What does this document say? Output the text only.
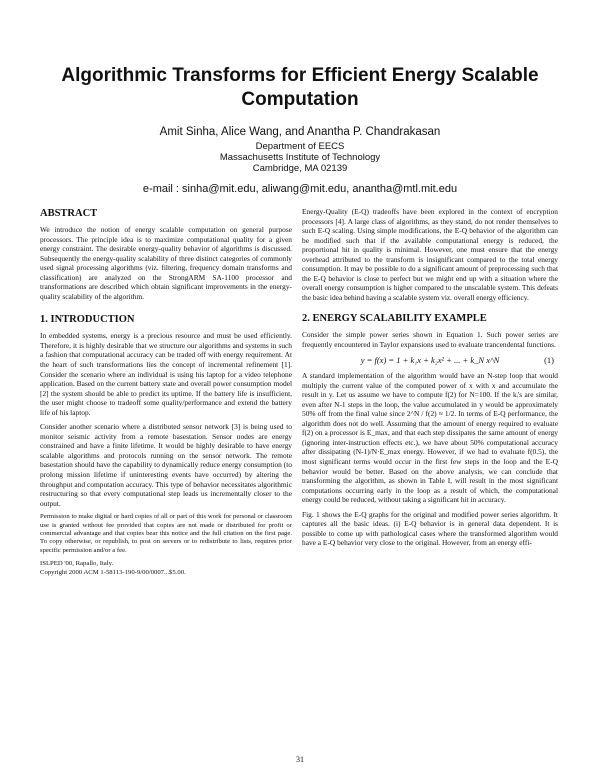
Algorithmic Transforms for Efficient Energy Scalable Computation
Amit Sinha, Alice Wang, and Anantha P. Chandrakasan
Department of EECS
Massachusetts Institute of Technology
Cambridge, MA 02139
e-mail : sinha@mit.edu, aliwang@mit.edu, anantha@mtl.mit.edu
ABSTRACT

We introduce the notion of energy scalable computation on general purpose processors. The principle idea is to maximize computational quality for a given energy constraint. The desirable energy-quality behavior of algorithms is discussed. Subsequently the energy-quality scalability of three distinct categories of commonly used signal processing algorithms (viz. filtering, frequency domain transforms and classification) are analyzed on the StrongARM SA-1100 processor and transformations are described which obtain significant improvements in the energy-quality scalability of the algorithm.

1. INTRODUCTION

In embedded systems, energy is a precious resource and must be used efficiently. Therefore, it is highly desirable that we structure our algorithms and systems in such a fashion that computational accuracy can be traded off with energy requirement. At the heart of such transformations lies the concept of incremental refinement [1]. Consider the scenario where an individual is using his laptop for a video telephone application. Based on the current battery state and overall power consumption model [2] the system should be able to predict its uptime. If the battery life is insufficient, the user might choose to tradeoff some quality/performance and extend the battery life of his laptop.

Consider another scenario where a distributed sensor network [3] is being used to monitor seismic activity from a remote basestation. Sensor nodes are energy constrained and have a finite lifetime. It would be highly desirable to have energy scalable algorithms and protocols running on the sensor network. The remote basestation should have the capability to dynamically reduce energy consumption (to prolong mission lifetime if uninteresting events have occurred) by altering the throughput and computation accuracy. This type of behavior necessitates algorithmic restructuring so that every computational step leads us incrementally closer to the output.

Permission to make digital or hard copies of all or part of this work for personal or classroom use is granted without fee provided that copies are not made or distributed for profit or commercial advantage and that copies bear this notice and the full citation on the first page. To copy otherwise, or republish, to post on servers or to redistribute to lists, requires prior specific permission and/or a fee.

ISLPED '00, Rapallo, Italy.
Copyright 2000 ACM 1-58113-190-9/00/0007...$5.00.

Energy-Quality (E-Q) tradeoffs have been explored in the context of encryption processors [4]. A large class of algorithms, as they stand, do not render themselves to such E-Q scaling. Using simple modifications, the E-Q behavior of the algorithm can be modified such that if the available computational energy is reduced, the proportional hit in quality is minimal. However, one must ensure that the energy overhead attributed to the transform is insignificant compared to the total energy consumption. It may be possible to do a significant amount of preprocessing such that the E-Q behavior is close to perfect but we might end up with a situation where the overall energy consumption is higher compared to the unscalable system. This defeats the basic idea behind having a scalable system viz. overall energy efficiency.

2. ENERGY SCALABILITY EXAMPLE

Consider the simple power series shown in Equation 1. Such power series are frequently encountered in Taylor expansions used to evaluate trancendental functions.

y = f(x) = 1 + k₁x + k₂x² + ... + k_N x^N	(1)

A standard implementation of the algorithm would have an N-step loop that would multiply the current value of the computed power of x with x and accumulate the result in y. Let us assume we have to compute f(2) for N=100. If the kᵢ's are similar, even after N-1 steps in the loop, the value accumulated in y would be approximately 50% off from the final value since 2^N / f(2) ≈ 1/2. In terms of E-Q performance, the algorithm does not do well. Assuming that the amount of energy required to evaluate f(2) on a processor is E_max, and that each step dissipates the same amount of energy (ignoring inter-instruction effects etc.), we have about 50% computational accuracy after dissipating (N-1)/N·E_max energy. However, if we had to evaluate f(0.5), the most significant terms would occur in the first few steps in the loop and the E-Q behavior would be better. Based on the above analysis, we can conclude that transforming the algorithm, as shown in Table I, will result in the most significant computations occurring early in the loop as a result of which, the computational energy could be reduced, without taking a significant hit in accuracy.

Fig. 1 shows the E-Q graphs for the original and modified power series algorithm. It captures all the basic ideas. (i) E-Q behavior is in general data dependent. It is possible to come up with pathological cases where the transformed algorithm would have a E-Q behavior very close to the original. However, from an energy effi-

31
